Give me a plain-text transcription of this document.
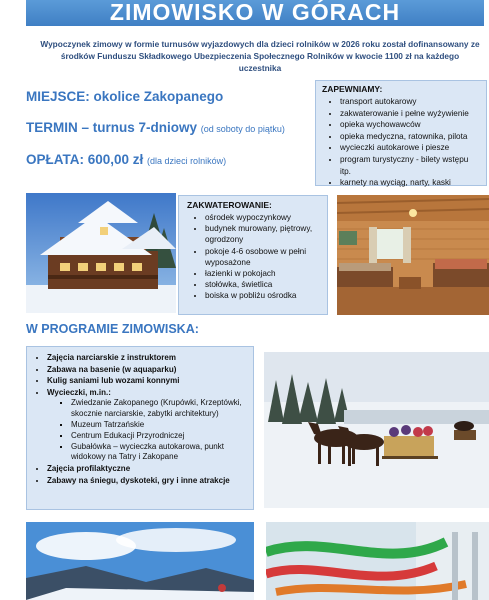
ZIMOWISKO W GÓRACH
Wypoczynek zimowy w formie turnusów wyjazdowych dla dzieci rolników w 2026 roku został dofinansowany ze środków Funduszu Składkowego Ubezpieczenia Społecznego Rolników w kwocie 1100 zł na każdego uczestnika
MIEJSCE: okolice Zakopanego
TERMIN – turnus 7-dniowy (od soboty do piątku)
OPŁATA: 600,00 zł (dla dzieci rolników)
ZAPEWNIAMY:
• transport autokarowy
• zakwaterowanie i pełne wyżywienie
• opieka wychowawców
• opieka medyczna, ratownika, pilota
• wycieczki autokarowe i piesze
• program turystyczny - bilety wstępu itp.
• karnety na wyciąg, narty, kaski
ZAKWATEROWANIE:
• ośrodek wypoczynkowy
• budynek murowany, piętrowy, ogrodzony
• pokoje 4-6 osobowe w pełni wyposażone
• łazienki w pokojach
• stołówka, świetlica
• boiska w pobliżu ośrodka
W PROGRAMIE ZIMOWISKA:
• Zajęcia narciarskie z instruktorem
• Zabawa na basenie (w aquaparku)
• Kulig saniami lub wozami konnymi
• Wycieczki, m.in.:
▪ Zwiedzanie Zakopanego (Krupówki, Krzeptówki, skocznie narciarskie, zabytki architektury)
▪ Muzeum Tatrzańskie
▪ Centrum Edukacji Przyrodniczej
▪ Gubałówka – wycieczka autokarowa, punkt widokowy na Tatry i Zakopane
• Zajęcia profilaktyczne
• Zabawy na śniegu, dyskoteki, gry i inne atrakcje
